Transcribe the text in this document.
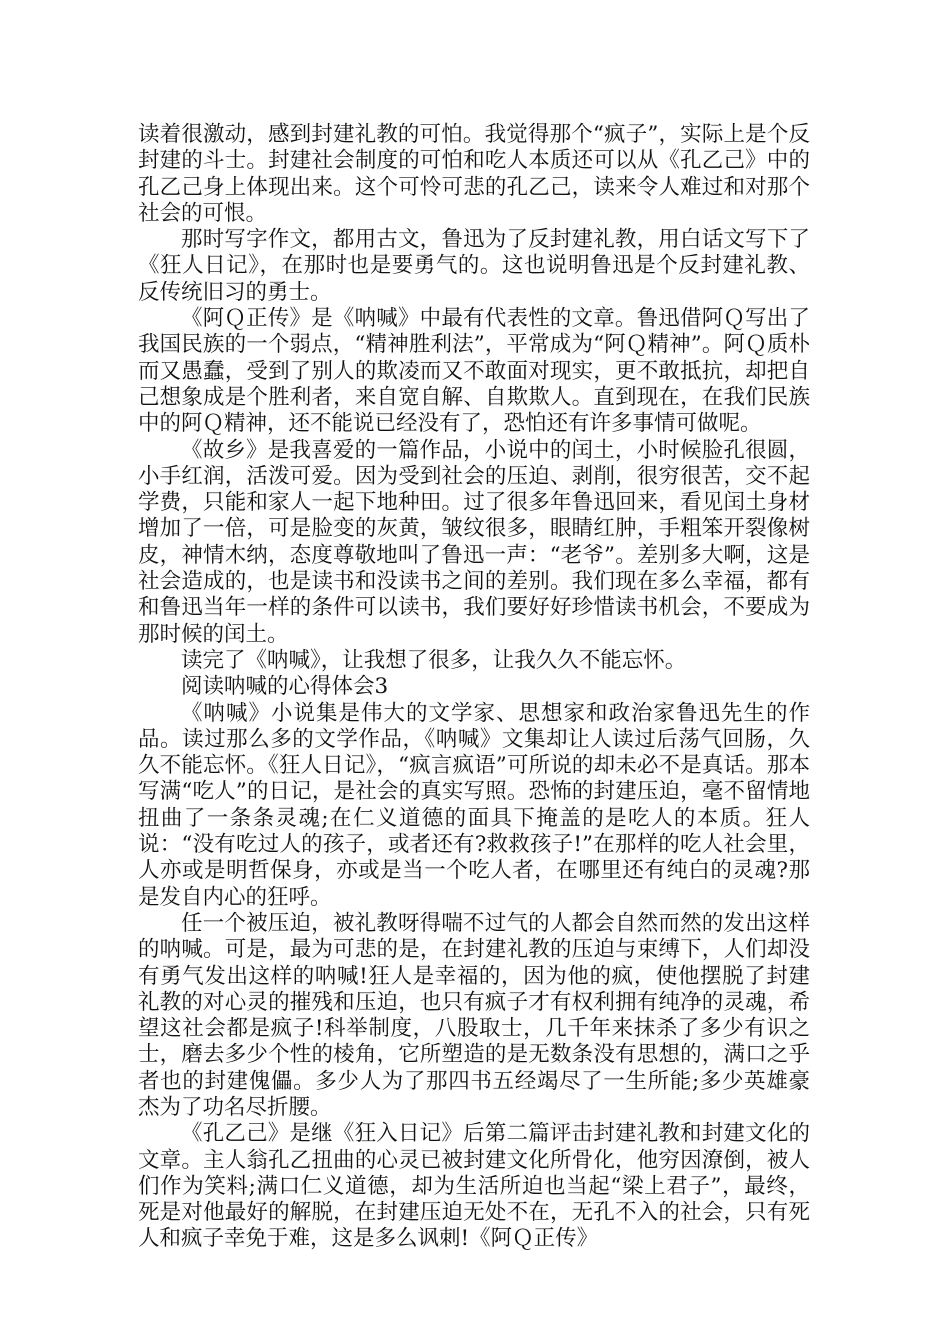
读着很激动，感到封建礼教的可怕。我觉得那个“疯子”，实际上是个反封建的斗士。封建社会制度的可怕和吃人本质还可以从《孔乙己》中的孔乙己身上体现出来。这个可怜可悲的孔乙己，读来令人难过和对那个社会的可恨。

那时写字作文，都用古文，鲁迅为了反封建礼教，用白话文写下了《狂人日记》，在那时也是要勇气的。这也说明鲁迅是个反封建礼教、反传统旧习的勇士。

《阿Ｑ正传》是《呐喊》中最有代表性的文章。鲁迅借阿Ｑ写出了我国民族的一个弱点，“精神胜利法”，平常成为“阿Ｑ精神”。阿Ｑ质朴而又愚蠢，受到了别人的欺凌而又不敢面对现实，更不敢抵抗，却把自己想象成是个胜利者，来自宽自解、自欺欺人。直到现在，在我们民族中的阿Ｑ精神，还不能说已经没有了，恐怕还有许多事情可做呢。

《故乡》是我喜爱的一篇作品，小说中的闰土，小时候脸孔很圆，小手红润，活泼可爱。因为受到社会的压迫、剥削，很穷很苦，交不起学费，只能和家人一起下地种田。过了很多年鲁迅回来，看见闰土身材增加了一倍，可是脸变的灰黄，皱纹很多，眼睛红肿，手粗笨开裂像树皮，神情木纳，态度尊敬地叫了鲁迅一声：“老爷”。差别多大啊，这是社会造成的，也是读书和没读书之间的差别。我们现在多么幸福，都有和鲁迅当年一样的条件可以读书，我们要好好珍惜读书机会，不要成为那时候的闰土。

读完了《呐喊》，让我想了很多，让我久久不能忘怀。

阅读呐喊的心得体会3

《呐喊》小说集是伟大的文学家、思想家和政治家鲁迅先生的作品。读过那么多的文学作品，《呐喊》文集却让人读过后荡气回肠，久久不能忘怀。《狂人日记》，“疯言疯语”可所说的却未必不是真话。那本写满“吃人”的日记，是社会的真实写照。恐怖的封建压迫，毫不留情地扭曲了一条条灵魂;在仁义道德的面具下掩盖的是吃人的本质。狂人说：“没有吃过人的孩子，或者还有?救救孩子!”在那样的吃人社会里，人亦或是明哲保身，亦或是当一个吃人者，在哪里还有纯白的灵魂?那是发自内心的狂呼。

任一个被压迫，被礼教呀得喘不过气的人都会自然而然的发出这样的呐喊。可是，最为可悲的是，在封建礼教的压迫与束缚下，人们却没有勇气发出这样的呐喊!狂人是幸福的，因为他的疯，使他摆脱了封建礼教的对心灵的摧残和压迫，也只有疯子才有权利拥有纯净的灵魂，希望这社会都是疯子!科举制度，八股取士，几千年来抹杀了多少有识之士，磨去多少个性的棱角，它所塑造的是无数条没有思想的，满口之乎者也的封建傀儡。多少人为了那四书五经竭尽了一生所能;多少英雄豪杰为了功名尽折腰。

《孔乙己》是继《狂入日记》后第二篇评击封建礼教和封建文化的文章。主人翁孔乙扭曲的心灵已被封建文化所骨化，他穷因潦倒，被人们作为笑料;满口仁义道德，却为生活所迫也当起“梁上君子”，最终，死是对他最好的解脱，在封建压迫无处不在，无孔不入的社会，只有死人和疯子幸免于难，这是多么讽刺!《阿Ｑ正传》
